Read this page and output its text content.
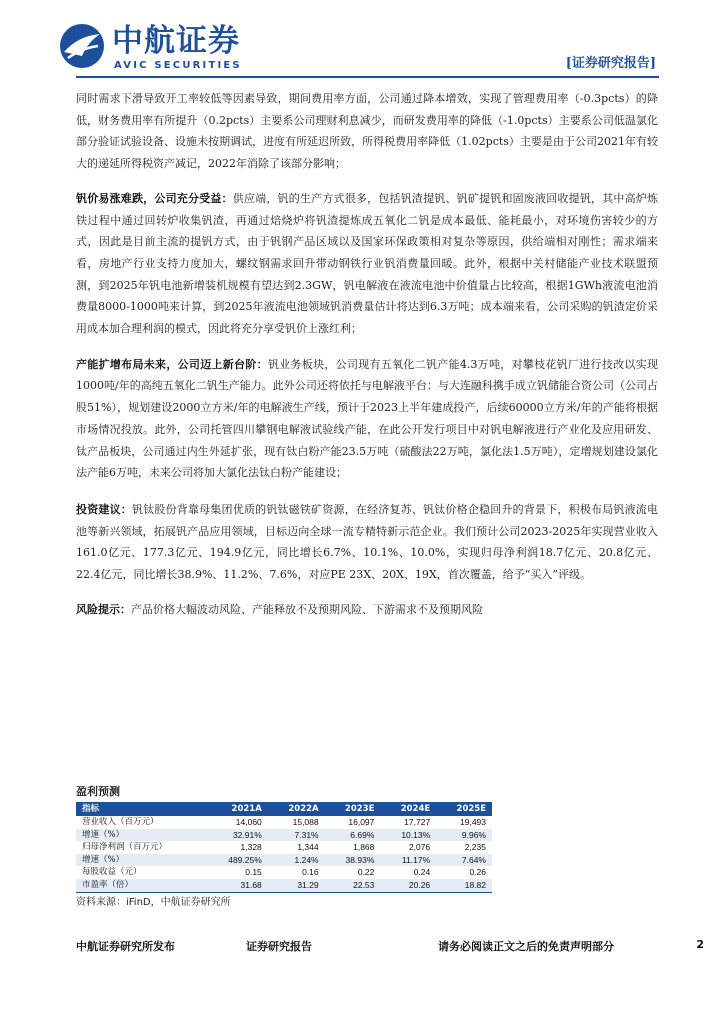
中航证券
AVIC SECURITIES	[证券研究报告]

同时需求下滑导致开工率较低等因素导致，期间费用率方面，公司通过降本增效，实现了管理费用率（-0.3pcts）的降低，财务费用率有所提升（0.2pcts）主要系公司理财利息减少，而研发费用率的降低（-1.0pcts）主要系公司低温氯化部分验证试验设备、设施未按期调试，进度有所延迟所致，所得税费用率降低（1.02pcts）主要是由于公司2021年有较大的递延所得税资产减记，2022年消除了该部分影响；

钒价易涨难跌，公司充分受益：供应端，钒的生产方式很多，包括钒渣提钒、钒矿提钒和固废液回收提钒，其中高炉炼铁过程中通过回转炉收集钒渣，再通过焙烧炉将钒渣提炼成五氧化二钒是成本最低、能耗最小，对环境伤害较少的方式，因此是目前主流的提钒方式，由于钒钢产品区域以及国家环保政策相对复杂等原因，供给端相对刚性；需求端来看，房地产行业支持力度加大，螺纹钢需求回升带动钢铁行业钒消费量回暖。此外，根据中关村储能产业技术联盟预测，到2025年钒电池新增装机规模有望达到2.3GW，钒电解液在液流电池中价值量占比较高，根据1GWh液流电池消费量8000-1000吨来计算，到2025年液流电池领域钒消费量估计将达到6.3万吨；成本端来看，公司采购的钒渣定价采用成本加合理利润的模式，因此将充分享受钒价上涨红利；

产能扩增布局未来，公司迈上新台阶：钒业务板块，公司现有五氧化二钒产能4.3万吨，对攀枝花钒厂进行技改以实现1000吨/年的高纯五氧化二钒生产能力。此外公司还将依托与电解液平台：与大连融科携手成立钒储能合资公司（公司占股51%），规划建设2000立方米/年的电解液生产线，预计于2023上半年建成投产，后续60000立方米/年的产能将根据市场情况投放。此外，公司托管四川攀钢电解液试验线产能，在此公开发行项目中对钒电解液进行产业化及应用研发、钛产品板块，公司通过内生外延扩张，现有钛白粉产能23.5万吨（硫酸法22万吨，氯化法1.5万吨），定增规划建设氯化法产能6万吨，未来公司将加大氯化法钛白粉产能建设；

投资建议：钒钛股份背靠母集团优质的钒钛磁铁矿资源，在经济复苏、钒钛价格企稳回升的背景下，积极布局钒液流电池等新兴领域，拓展钒产品应用领域，目标迈向全球一流专精特新示范企业。我们预计公司2023-2025年实现营业收入161.0亿元、177.3亿元、194.9亿元，同比增长6.7%、10.1%、10.0%，实现归母净利润18.7亿元、20.8亿元、22.4亿元，同比增长38.9%、11.2%、7.6%，对应PE 23X、20X、19X，首次覆盖，给予“买入”评级。

风险提示：产品价格大幅波动风险、产能释放不及预期风险、下游需求不及预期风险

盈利预测
指标	2021A	2022A	2023E	2024E	2025E
营业收入（百万元）	14,060	15,088	16,097	17,727	19,493
增速（%）	32.91%	7.31%	6.69%	10.13%	9.96%
归母净利润（百万元）	1,328	1,344	1,868	2,076	2,235
增速（%）	489.25%	1.24%	38.93%	11.17%	7.64%
每股收益（元）	0.15	0.16	0.22	0.24	0.26
市盈率（倍）	31.68	31.29	22.53	20.26	18.82
资料来源：iFinD，中航证券研究所
中航证券研究所发布	证券研究报告	请务必阅读正文之后的免责声明部分	2
